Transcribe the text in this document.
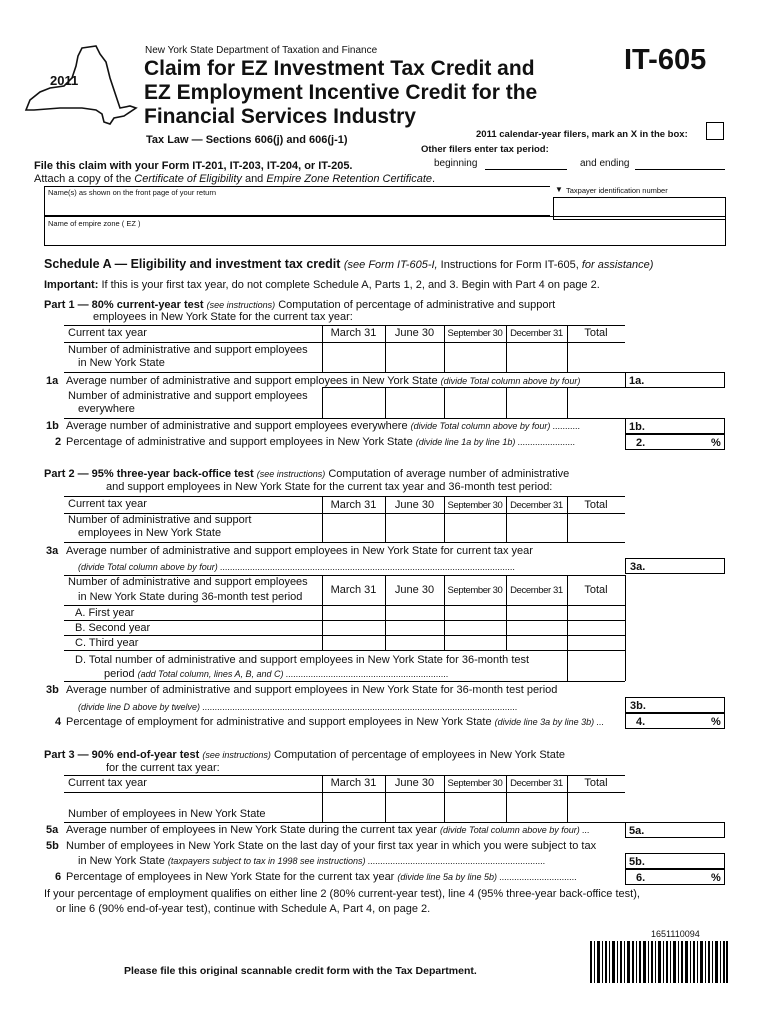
2011
New York State Department of Taxation and Finance
Claim for EZ Investment Tax Credit and
EZ Employment Incentive Credit for the
Financial Services Industry
IT-605
Tax Law — Sections 606(j) and 606(j-1)	2011 calendar-year filers, mark an X in the box:
Other filers enter tax period:
beginning	and ending
File this claim with your Form IT-201, IT-203, IT-204, or IT-205.
Attach a copy of the Certificate of Eligibility and Empire Zone Retention Certificate.
Name(s) as shown on the front page of your return	▼ Taxpayer identification number
Name of empire zone ( EZ )
Schedule A — Eligibility and investment tax credit (see Form IT-605-I, Instructions for Form IT-605, for assistance)
Important: If this is your first tax year, do not complete Schedule A, Parts 1, 2, and 3. Begin with Part 4 on page 2.
Part 1 — 80% current-year test (see instructions) Computation of percentage of administrative and support
employees in New York State for the current tax year:
Current tax year	March 31	June 30	September 30 December 31	Total
Number of administrative and support employees
in New York State
1a Average number of administrative and support employees in New York State (divide Total column above by four)	1a.
Number of administrative and support employees
everywhere
1b Average number of administrative and support employees everywhere (divide Total column above by four) ...........	1b.
2 Percentage of administrative and support employees in New York State (divide line 1a by line 1b) .......................	2.	%
Part 2 — 95% three-year back-office test (see instructions) Computation of average number of administrative
and support employees in New York State for the current tax year and 36-month test period:
Current tax year	March 31	June 30	September 30 December 31	Total
Number of administrative and support
employees in New York State
3a Average number of administrative and support employees in New York State for current tax year
(divide Total column above by four) ......................................................................................................................	3a.
Number of administrative and support employees
in New York State during 36-month test period
March 31	June 30	September 30 December 31	Total
A. First year
B. Second year
C. Third year
D. Total number of administrative and support employees in New York State for 36-month test
period (add Total column, lines A, B, and C) .................................................................
3b Average number of administrative and support employees in New York State for 36-month test period
(divide line D above by twelve) ..............................................................................................................................	3b.
4 Percentage of employment for administrative and support employees in New York State (divide line 3a by line 3b) ...	4.	%
Part 3 — 90% end-of-year test (see instructions) Computation of percentage of employees in New York State
for the current tax year:
Current tax year	March 31	June 30	September 30 December 31	Total
Number of employees in New York State
5a Average number of employees in New York State during the current tax year (divide Total column above by four) ...	5a.
5b Number of employees in New York State on the last day of your first tax year in which you were subject to tax
in New York State (taxpayers subject to tax in 1998 see instructions) .......................................................................	5b.
6 Percentage of employees in New York State for the current tax year (divide line 5a by line 5b) ...............................	6.	%
If your percentage of employment qualifies on either line 2 (80% current-year test), line 4 (95% three-year back-office test),
or line 6 (90% end-of-year test), continue with Schedule A, Part 4, on page 2.
1651110094
Please file this original scannable credit form with the Tax Department.
